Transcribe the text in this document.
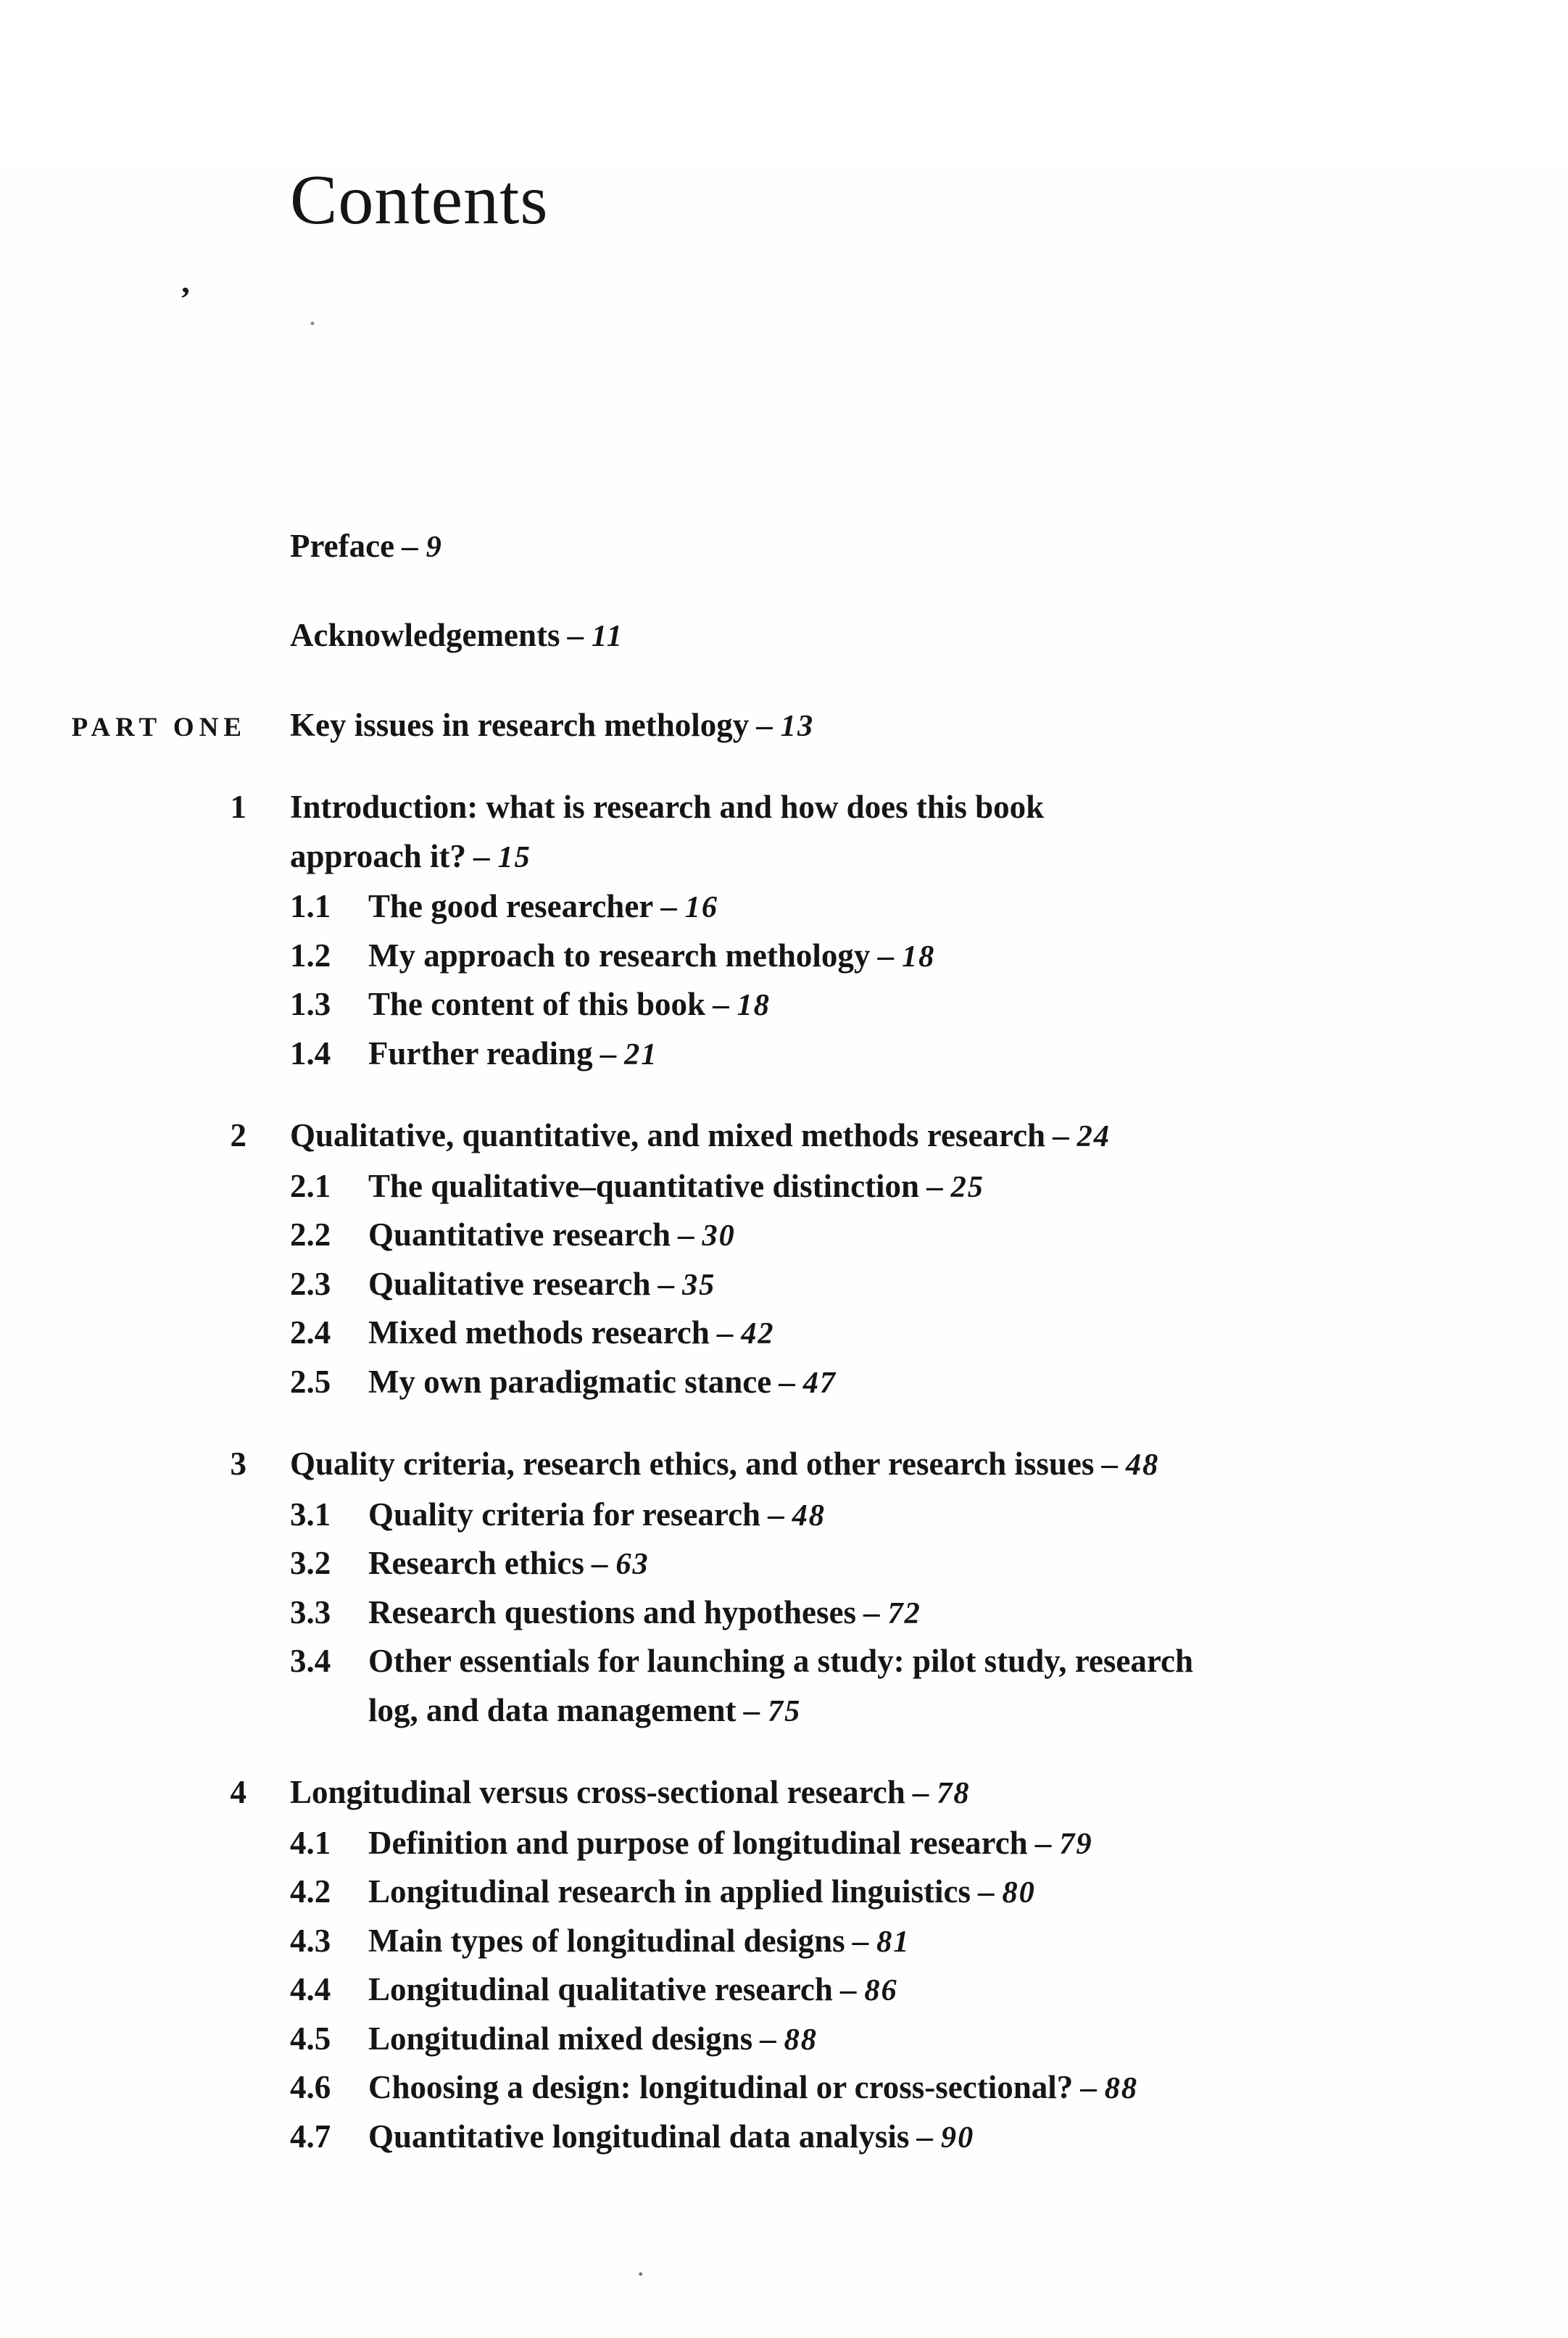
’
·
.
Contents
Preface – 9
Acknowledgements – 11
PART ONE Key issues in research methology – 13
1 Introduction: what is research and how does this book
approach it? – 15
1.1	The good researcher – 16
1.2	My approach to research methology – 18
1.3	The content of this book – 18
1.4	Further reading – 21
2 Qualitative, quantitative, and mixed methods research – 24
2.1	The qualitative–quantitative distinction – 25
2.2	Quantitative research – 30
2.3	Qualitative research – 35
2.4	Mixed methods research – 42
2.5	My own paradigmatic stance – 47
3 Quality criteria, research ethics, and other research issues – 48
3.1	Quality criteria for research – 48
3.2	Research ethics – 63
3.3	Research questions and hypotheses – 72
3.4	Other essentials for launching a study: pilot study, research
log, and data management – 75
4 Longitudinal versus cross-sectional research – 78
4.1	Definition and purpose of longitudinal research – 79
4.2	Longitudinal research in applied linguistics – 80
4.3	Main types of longitudinal designs – 81
4.4	Longitudinal qualitative research – 86
4.5	Longitudinal mixed designs – 88
4.6	Choosing a design: longitudinal or cross-sectional? – 88
4.7	Quantitative longitudinal data analysis – 90
